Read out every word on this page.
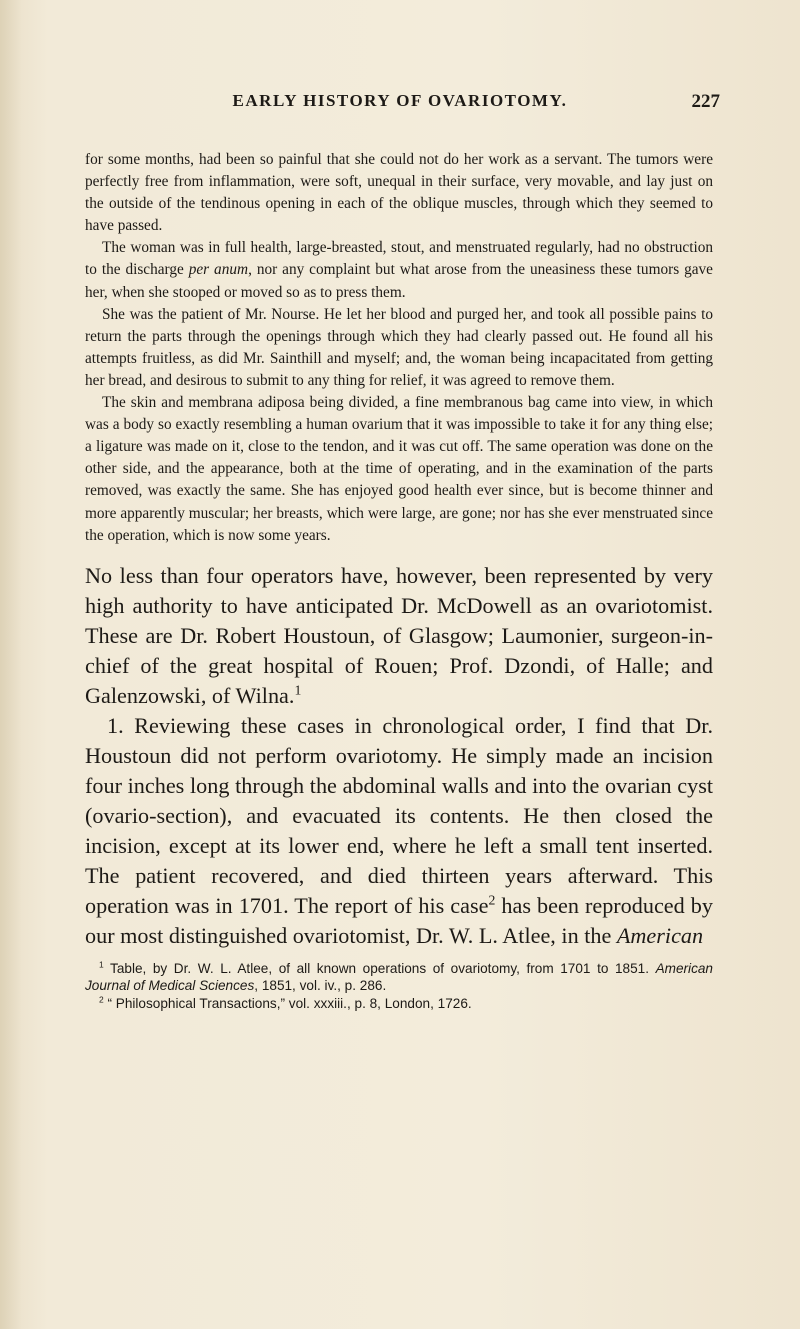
EARLY HISTORY OF OVARIOTOMY.	227

for some months, had been so painful that she could not do her work as a servant. The tumors were perfectly free from inflammation, were soft, unequal in their surface, very movable, and lay just on the outside of the tendinous opening in each of the oblique muscles, through which they seemed to have passed.

The woman was in full health, large-breasted, stout, and menstruated regularly, had no obstruction to the discharge per anum, nor any complaint but what arose from the uneasiness these tumors gave her, when she stooped or moved so as to press them.

She was the patient of Mr. Nourse. He let her blood and purged her, and took all possible pains to return the parts through the openings through which they had clearly passed out. He found all his attempts fruitless, as did Mr. Sainthill and myself; and, the woman being incapacitated from getting her bread, and desirous to submit to any thing for relief, it was agreed to remove them.

The skin and membrana adiposa being divided, a fine membranous bag came into view, in which was a body so exactly resembling a human ovarium that it was impossible to take it for any thing else; a ligature was made on it, close to the tendon, and it was cut off. The same operation was done on the other side, and the appearance, both at the time of operating, and in the examination of the parts removed, was exactly the same. She has enjoyed good health ever since, but is become thinner and more apparently muscular; her breasts, which were large, are gone; nor has she ever menstruated since the operation, which is now some years.

No less than four operators have, however, been represented by very high authority to have anticipated Dr. McDowell as an ovariotomist. These are Dr. Robert Houstoun, of Glasgow; Laumonier, surgeon-in-chief of the great hospital of Rouen; Prof. Dzondi, of Halle; and Galenzowski, of Wilna.$^1$

1. Reviewing these cases in chronological order, I find that Dr. Houstoun did not perform ovariotomy. He simply made an incision four inches long through the abdominal walls and into the ovarian cyst (ovario-section), and evacuated its contents. He then closed the incision, except at its lower end, where he left a small tent inserted. The patient recovered, and died thirteen years afterward. This operation was in 1701. The report of his case$^2$ has been reproduced by our most distinguished ovariotomist, Dr. W. L. Atlee, in the American

$^1$ Table, by Dr. W. L. Atlee, of all known operations of ovariotomy, from 1701 to 1851. American Journal of Medical Sciences, 1851, vol. iv., p. 286.

$^2$ “ Philosophical Transactions,” vol. xxxiii., p. 8, London, 1726.
